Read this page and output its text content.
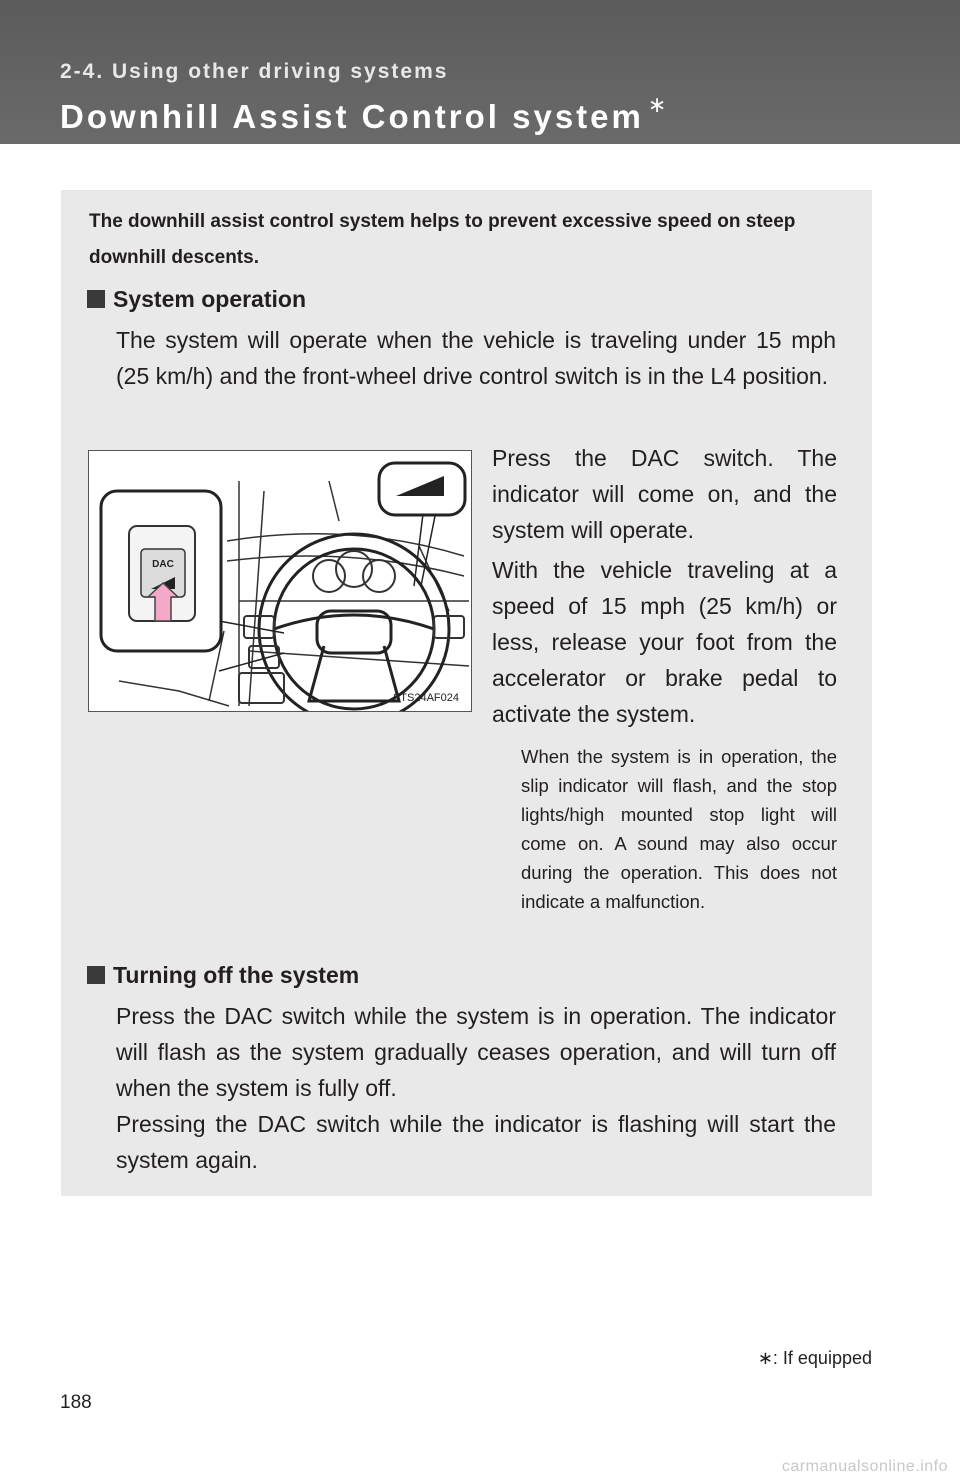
2-4. Using other driving systems
Downhill Assist Control system ∗
The downhill assist control system helps to prevent excessive speed on steep downhill descents.
System operation
The system will operate when the vehicle is traveling under 15 mph (25 km/h) and the front-wheel drive control switch is in the L4 position.
DAC
STS24AF024
Press the DAC switch. The indicator will come on, and the system will operate.
With the vehicle traveling at a speed of 15 mph (25 km/h) or less, release your foot from the accelerator or brake pedal to activate the system.
When the system is in operation, the slip indicator will flash, and the stop lights/high mounted stop light will come on. A sound may also occur during the operation. This does not indicate a malfunction.
Turning off the system
Press the DAC switch while the system is in operation. The indicator will flash as the system gradually ceases operation, and will turn off when the system is fully off.
Pressing the DAC switch while the indicator is flashing will start the system again.
∗: If equipped
188
carmanualsonline.info
